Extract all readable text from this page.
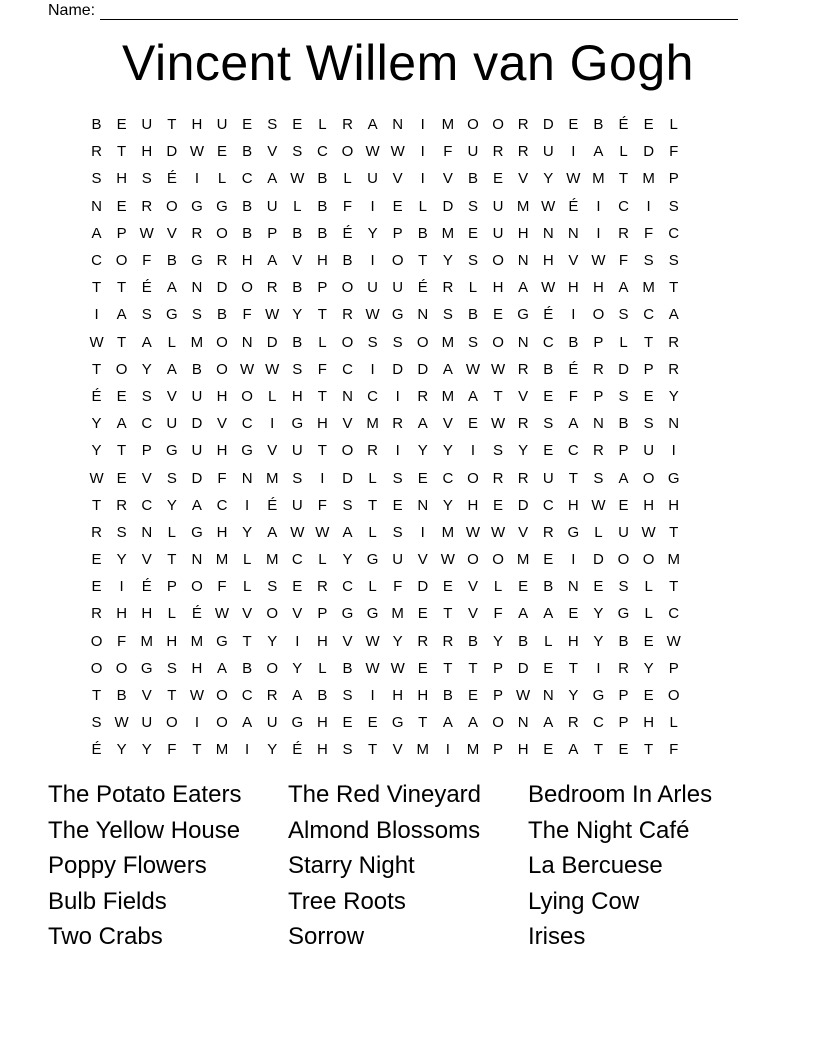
Name:
Vincent Willem van Gogh
B	E U	T	H U E	S	E	L	R A N	I	M O O R D E	B	É	E	L
R	T	H D W E	B	V	S C O W W	I	F	U R R U	I	A	L	D	F
S H S	É	I	L	C A W B	L	U V	I	V	B	E	V	Y W M T M P
N E R O G G B U	L	B	F	I	E	L	D S U M W É	I	C	I	S
A	P W V R O B	P	B	B	É	Y	P	B M E U H N N	I	R	F	C
C O F	B G R H A	V H B	I	O T	Y	S O N H V W F	S	S
T	T	É	A N D O R B	P O U U É R	L	H A W H H A M T
I	A	S G S	B	F W Y	T	R W G N S	B	E G É	I	O S C A
W T	A	L M O N D B	L	O S	S O M S O N C B	P	L	T	R
T O Y	A	B O W W S	F	C	I	D D A W W R B	É R D P R
É	E	S	V U H O	L	H	T	N C	I	R M A	T	V	E	F	P	S	E	Y
Y	A C U D V C	I	G H V M R A	V	E W R S	A N B	S N
Y	T	P G U H G V U	T O R	I	Y	Y	I	S	Y	E C R P U	I
W E	V	S D	F	N M S	I	D	L	S	E C O R R U	T	S	A O G
T	R C Y	A C	I	É U	F	S	T	E N Y H E D C H W E H H
R S N	L	G H Y	A W W A	L	S	I	M W W V R G	L	U W T
E	Y	V	T	N M L M C	L	Y G U V W O O M E	I	D O O M
E	I	É	P O F	L	S	E R C	L	F	D E	V	L	E	B N E	S	L	T
R H H	L	É W V O V	P G G M E	T	V	F	A	A	E	Y G	L	C
O F M H M G T	Y	I	H V W Y R R B	Y	B	L	H Y	B	E W
O O G S H A	B O Y	L	B W W E	T	T	P D E	T	I	R Y	P
T	B	V	T W O C R A	B	S	I	H H B	E	P W N Y G P	E O
S W U O	I	O A U G H E	E G T	A	A O N A R C P H	L
É	Y	Y	F	T M	I	Y	É H S	T	V M	I	M P H E	A	T	E	T	F
The Potato Eaters	The Red Vineyard	Bedroom In Arles
The Yellow House	Almond Blossoms	The Night Café
Poppy Flowers	Starry Night	La Bercuese
Bulb Fields	Tree Roots	Lying Cow
Two Crabs	Sorrow	Irises
